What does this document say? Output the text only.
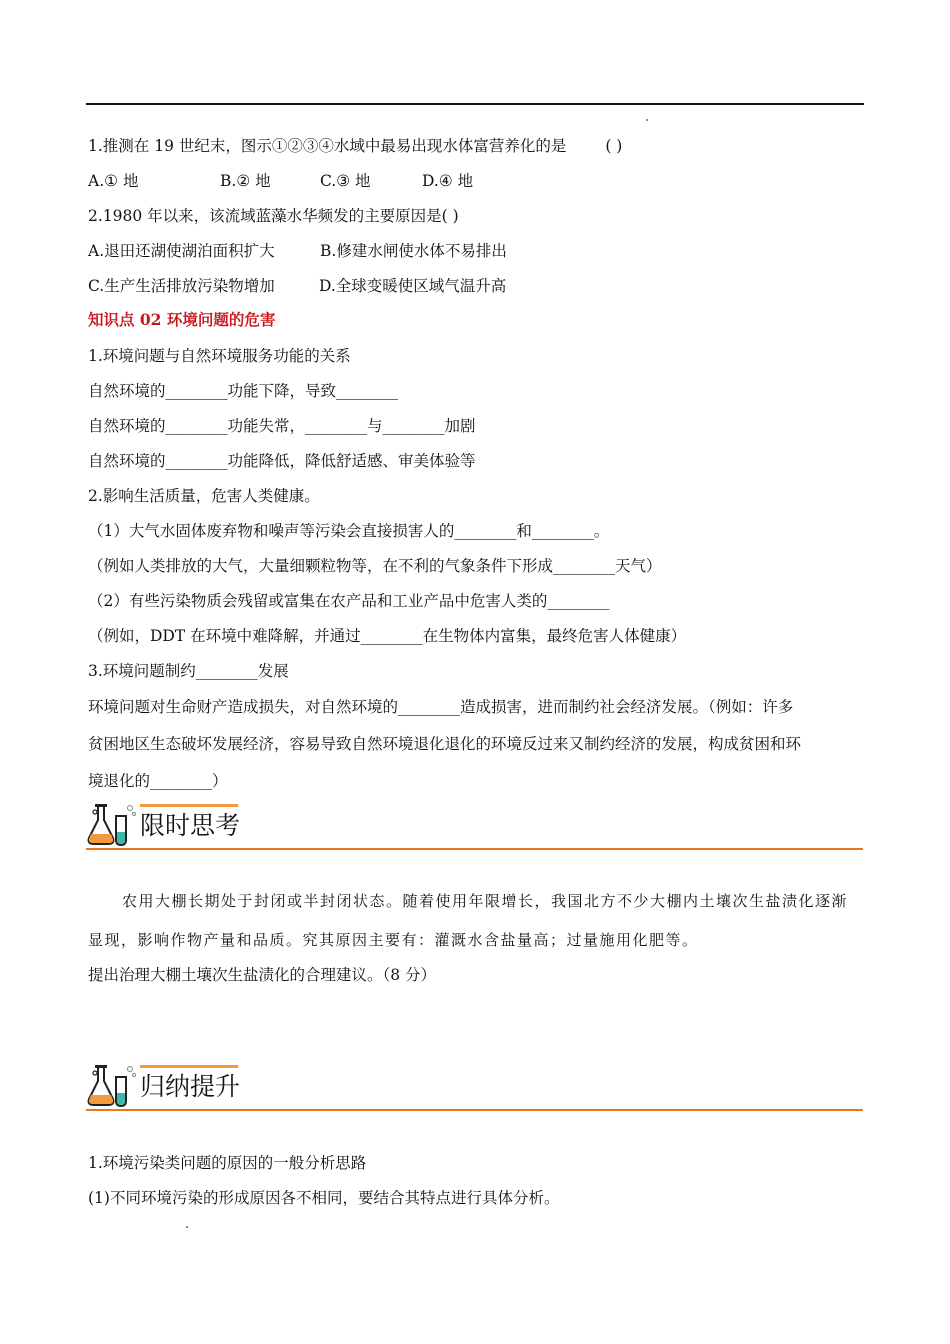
1.推测在 19 世纪末，图示①②③④水域中最易出现水体富营养化的是	( )
A.① 地	B.② 地	C.③ 地	D.④ 地
2.1980 年以来，该流域蓝藻水华频发的主要原因是( )
A.退田还湖使湖泊面积扩大	B.修建水闸使水体不易排出
C.生产生活排放污染物增加	D.全球变暖使区域气温升高
知识点 02 环境问题的危害
1.环境问题与自然环境服务功能的关系
自然环境的________功能下降，导致________
自然环境的________功能失常，________与________加剧
自然环境的________功能降低，降低舒适感、审美体验等
2.影响生活质量，危害人类健康。
（1）大气水固体废弃物和噪声等污染会直接损害人的________和________。
（例如人类排放的大气，大量细颗粒物等，在不利的气象条件下形成________天气）
（2）有些污染物质会残留或富集在农产品和工业产品中危害人类的________
（例如，DDT 在环境中难降解，并通过________在生物体内富集，最终危害人体健康）
3.环境问题制约________发展
环境问题对生命财产造成损失，对自然环境的________造成损害，进而制约社会经济发展。（例如：许多
贫困地区生态破坏发展经济，容易导致自然环境退化退化的环境反过来又制约经济的发展，构成贫困和环
境退化的________）
限时思考
农用大棚长期处于封闭或半封闭状态。随着使用年限增长，我国北方不少大棚内土壤次生盐渍化逐渐
显现，影响作物产量和品质。究其原因主要有：灌溉水含盐量高；过量施用化肥等。
提出治理大棚土壤次生盐渍化的合理建议。（8 分）
归纳提升
1.环境污染类问题的原因的一般分析思路
(1)不同环境污染的形成原因各不相同，要结合其特点进行具体分析。
